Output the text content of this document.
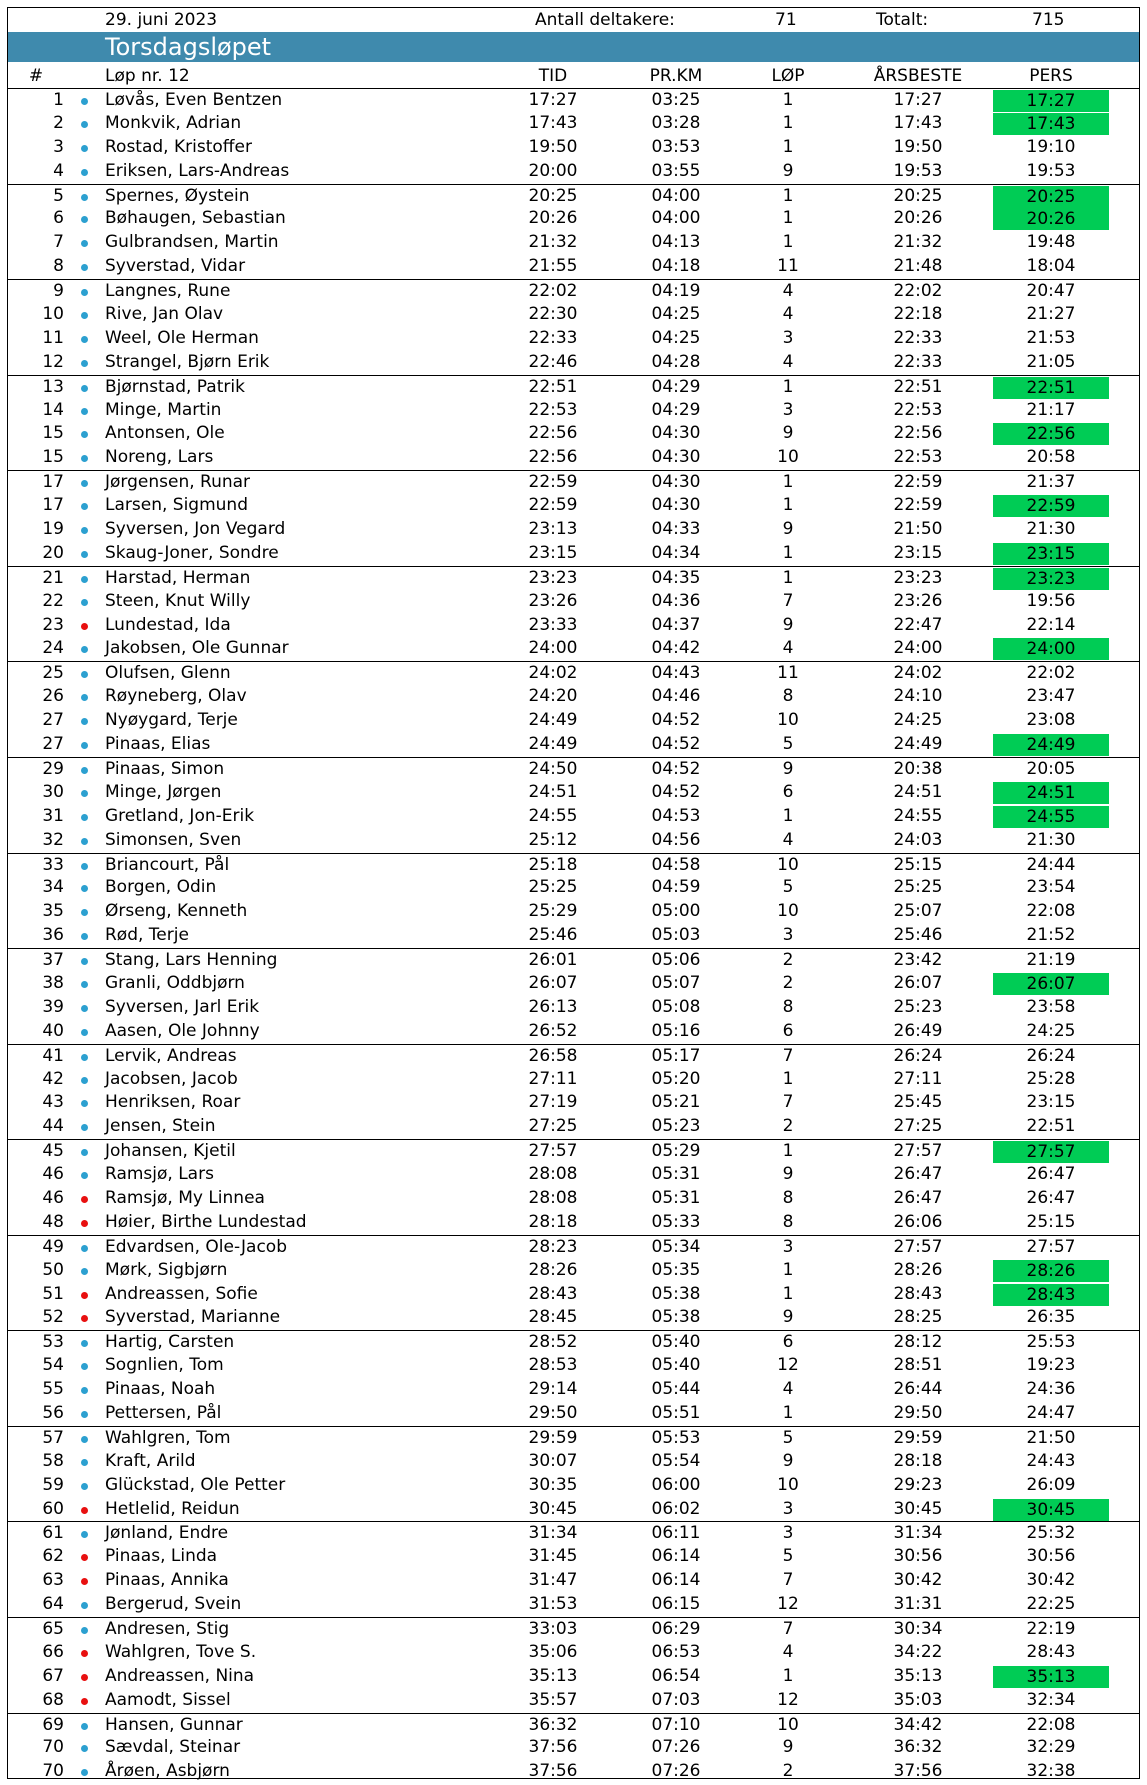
29. juni 2023	Antall deltakere:	71	Totalt:	715
Torsdagsløpet
#	Løp nr. 12	TID	PR.KM	LØP	ÅRSBESTE	PERS
1 Løvås, Even Bentzen	17:27	03:25	1	17:27	17:27
2 Monkvik, Adrian	17:43	03:28	1	17:43	17:43
3 Rostad, Kristoffer	19:50	03:53	1	19:50	19:10
4 Eriksen, Lars-Andreas	20:00	03:55	9	19:53	19:53
5 Spernes, Øystein	20:25	04:00	1	20:25	20:25
6 Bøhaugen, Sebastian	20:26	04:00	1	20:26	20:26
7 Gulbrandsen, Martin	21:32	04:13	1	21:32	19:48
8 Syverstad, Vidar	21:55	04:18	11	21:48	18:04
9 Langnes, Rune	22:02	04:19	4	22:02	20:47
10 Rive, Jan Olav	22:30	04:25	4	22:18	21:27
11 Weel, Ole Herman	22:33	04:25	3	22:33	21:53
12 Strangel, Bjørn Erik	22:46	04:28	4	22:33	21:05
13 Bjørnstad, Patrik	22:51	04:29	1	22:51	22:51
14 Minge, Martin	22:53	04:29	3	22:53	21:17
15 Antonsen, Ole	22:56	04:30	9	22:56	22:56
15 Noreng, Lars	22:56	04:30	10	22:53	20:58
17 Jørgensen, Runar	22:59	04:30	1	22:59	21:37
17 Larsen, Sigmund	22:59	04:30	1	22:59	22:59
19 Syversen, Jon Vegard	23:13	04:33	9	21:50	21:30
20 Skaug-Joner, Sondre	23:15	04:34	1	23:15	23:15
21 Harstad, Herman	23:23	04:35	1	23:23	23:23
22 Steen, Knut Willy	23:26	04:36	7	23:26	19:56
23 Lundestad, Ida	23:33	04:37	9	22:47	22:14
24 Jakobsen, Ole Gunnar	24:00	04:42	4	24:00	24:00
25 Olufsen, Glenn	24:02	04:43	11	24:02	22:02
26 Røyneberg, Olav	24:20	04:46	8	24:10	23:47
27 Nyøygard, Terje	24:49	04:52	10	24:25	23:08
27 Pinaas, Elias	24:49	04:52	5	24:49	24:49
29 Pinaas, Simon	24:50	04:52	9	20:38	20:05
30 Minge, Jørgen	24:51	04:52	6	24:51	24:51
31 Gretland, Jon-Erik	24:55	04:53	1	24:55	24:55
32 Simonsen, Sven	25:12	04:56	4	24:03	21:30
33 Briancourt, Pål	25:18	04:58	10	25:15	24:44
34 Borgen, Odin	25:25	04:59	5	25:25	23:54
35 Ørseng, Kenneth	25:29	05:00	10	25:07	22:08
36 Rød, Terje	25:46	05:03	3	25:46	21:52
37 Stang, Lars Henning	26:01	05:06	2	23:42	21:19
38 Granli, Oddbjørn	26:07	05:07	2	26:07	26:07
39 Syversen, Jarl Erik	26:13	05:08	8	25:23	23:58
40 Aasen, Ole Johnny	26:52	05:16	6	26:49	24:25
41 Lervik, Andreas	26:58	05:17	7	26:24	26:24
42 Jacobsen, Jacob	27:11	05:20	1	27:11	25:28
43 Henriksen, Roar	27:19	05:21	7	25:45	23:15
44 Jensen, Stein	27:25	05:23	2	27:25	22:51
45 Johansen, Kjetil	27:57	05:29	1	27:57	27:57
46 Ramsjø, Lars	28:08	05:31	9	26:47	26:47
46 Ramsjø, My Linnea	28:08	05:31	8	26:47	26:47
48 Høier, Birthe Lundestad	28:18	05:33	8	26:06	25:15
49 Edvardsen, Ole-Jacob	28:23	05:34	3	27:57	27:57
50 Mørk, Sigbjørn	28:26	05:35	1	28:26	28:26
51 Andreassen, Sofie	28:43	05:38	1	28:43	28:43
52 Syverstad, Marianne	28:45	05:38	9	28:25	26:35
53 Hartig, Carsten	28:52	05:40	6	28:12	25:53
54 Sognlien, Tom	28:53	05:40	12	28:51	19:23
55 Pinaas, Noah	29:14	05:44	4	26:44	24:36
56 Pettersen, Pål	29:50	05:51	1	29:50	24:47
57 Wahlgren, Tom	29:59	05:53	5	29:59	21:50
58 Kraft, Arild	30:07	05:54	9	28:18	24:43
59 Glückstad, Ole Petter	30:35	06:00	10	29:23	26:09
60 Hetlelid, Reidun	30:45	06:02	3	30:45	30:45
61 Jønland, Endre	31:34	06:11	3	31:34	25:32
62 Pinaas, Linda	31:45	06:14	5	30:56	30:56
63 Pinaas, Annika	31:47	06:14	7	30:42	30:42
64 Bergerud, Svein	31:53	06:15	12	31:31	22:25
65 Andresen, Stig	33:03	06:29	7	30:34	22:19
66 Wahlgren, Tove S.	35:06	06:53	4	34:22	28:43
67 Andreassen, Nina	35:13	06:54	1	35:13	35:13
68 Aamodt, Sissel	35:57	07:03	12	35:03	32:34
69 Hansen, Gunnar	36:32	07:10	10	34:42	22:08
70 Sævdal, Steinar	37:56	07:26	9	36:32	32:29
70 Årøen, Asbjørn	37:56	07:26	2	37:56	32:38
